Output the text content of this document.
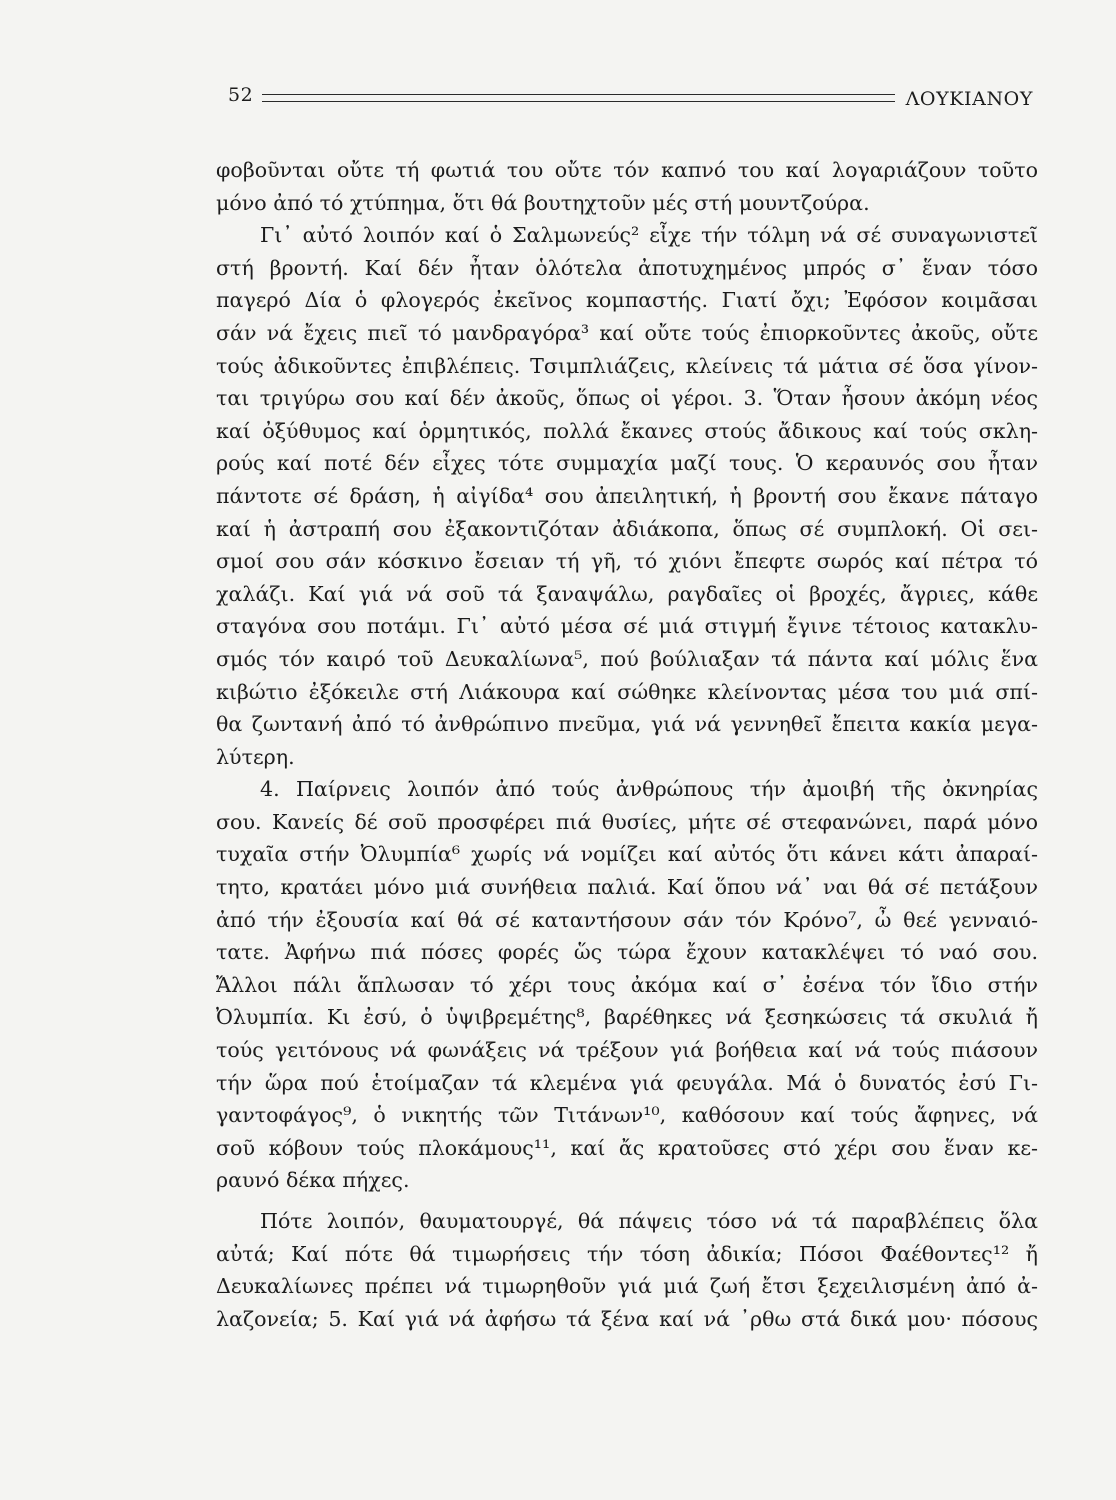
52	ΛΟΥΚΙΑΝΟΥ
φοβοῦνται οὔτε τή φωτιά του οὔτε τόν καπνό του καί λογαριάζουν τοῦτο
μόνο ἀπό τό χτύπημα, ὅτι θά βουτηχτοῦν μές στή μουντζούρα.
Γι᾽ αὐτό λοιπόν καί ὁ Σαλμωνεύς² εἶχε τήν τόλμη νά σέ συναγωνιστεῖ
στή βροντή. Καί δέν ἦταν ὁλότελα ἀποτυχημένος μπρός σ᾽ ἕναν τόσο
παγερό Δία ὁ φλογερός ἐκεῖνος κομπαστής. Γιατί ὄχι; Ἐφόσον κοιμᾶσαι
σάν νά ἔχεις πιεῖ τό μανδραγόρα³ καί οὔτε τούς ἐπιορκοῦντες ἀκοῦς, οὔτε
τούς ἀδικοῦντες ἐπιβλέπεις. Τσιμπλιάζεις, κλείνεις τά μάτια σέ ὅσα γίνον-
ται τριγύρω σου καί δέν ἀκοῦς, ὅπως οἱ γέροι. 3. Ὅταν ἦσουν ἀκόμη νέος
καί ὀξύθυμος καί ὁρμητικός, πολλά ἔκανες στούς ἄδικους καί τούς σκλη-
ρούς καί ποτέ δέν εἶχες τότε συμμαχία μαζί τους. Ὁ κεραυνός σου ἦταν
πάντοτε σέ δράση, ἡ αἰγίδα⁴ σου ἀπειλητική, ἡ βροντή σου ἔκανε πάταγο
καί ἡ ἀστραπή σου ἐξακοντιζόταν ἀδιάκοπα, ὅπως σέ συμπλοκή. Οἱ σει-
σμοί σου σάν κόσκινο ἔσειαν τή γῆ, τό χιόνι ἔπεφτε σωρός καί πέτρα τό
χαλάζι. Καί γιά νά σοῦ τά ξαναψάλω, ραγδαῖες οἱ βροχές, ἄγριες, κάθε
σταγόνα σου ποτάμι. Γι᾽ αὐτό μέσα σέ μιά στιγμή ἔγινε τέτοιος κατακλυ-
σμός τόν καιρό τοῦ Δευκαλίωνα⁵, πού βούλιαξαν τά πάντα καί μόλις ἕνα
κιβώτιο ἐξόκειλε στή Λιάκουρα καί σώθηκε κλείνοντας μέσα του μιά σπί-
θα ζωντανή ἀπό τό ἀνθρώπινο πνεῦμα, γιά νά γεννηθεῖ ἔπειτα κακία μεγα-
λύτερη.
4. Παίρνεις λοιπόν ἀπό τούς ἀνθρώπους τήν ἀμοιβή τῆς ὀκνηρίας
σου. Κανείς δέ σοῦ προσφέρει πιά θυσίες, μήτε σέ στεφανώνει, παρά μόνο
τυχαῖα στήν Ὀλυμπία⁶ χωρίς νά νομίζει καί αὐτός ὅτι κάνει κάτι ἀπαραί-
τητο, κρατάει μόνο μιά συνήθεια παλιά. Καί ὅπου νά᾽ ναι θά σέ πετάξουν
ἀπό τήν ἐξουσία καί θά σέ καταντήσουν σάν τόν Κρόνο⁷, ὦ θεέ γενναιό-
τατε. Ἀφήνω πιά πόσες φορές ὥς τώρα ἔχουν κατακλέψει τό ναό σου.
Ἄλλοι πάλι ἅπλωσαν τό χέρι τους ἀκόμα καί σ᾽ ἐσένα τόν ἴδιο στήν
Ὀλυμπία. Κι ἐσύ, ὁ ὑψιβρεμέτης⁸, βαρέθηκες νά ξεσηκώσεις τά σκυλιά ἤ
τούς γειτόνους νά φωνάξεις νά τρέξουν γιά βοήθεια καί νά τούς πιάσουν
τήν ὥρα πού ἑτοίμαζαν τά κλεμένα γιά φευγάλα. Μά ὁ δυνατός ἐσύ Γι-
γαντοφάγος⁹, ὁ νικητής τῶν Τιτάνων¹⁰, καθόσουν καί τούς ἄφηνες, νά
σοῦ κόβουν τούς πλοκάμους¹¹, καί ἄς κρατοῦσες στό χέρι σου ἕναν κε-
ραυνό δέκα πήχες.
Πότε λοιπόν, θαυματουργέ, θά πάψεις τόσο νά τά παραβλέπεις ὅλα
αὐτά; Καί πότε θά τιμωρήσεις τήν τόση ἀδικία; Πόσοι Φαέθοντες¹² ἤ
Δευκαλίωνες πρέπει νά τιμωρηθοῦν γιά μιά ζωή ἔτσι ξεχειλισμένη ἀπό ἀ-
λαζονεία; 5. Καί γιά νά ἀφήσω τά ξένα καί νά ᾽ρθω στά δικά μου· πόσους
